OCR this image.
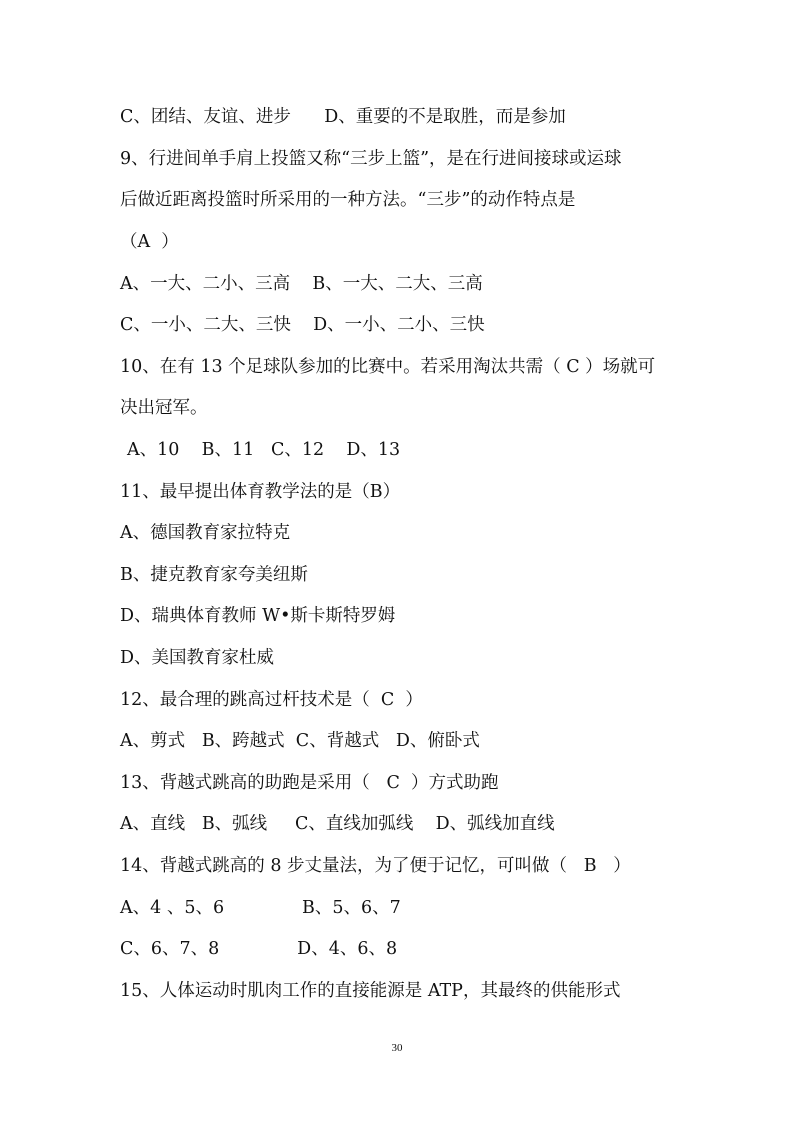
C、团结、友谊、进步      D、重要的不是取胜，而是参加
9、行进间单手肩上投篮又称“三步上篮”，是在行进间接球或运球
后做近距离投篮时所采用的一种方法。“三步”的动作特点是
（A  ）
A、一大、二小、三高    B、一大、二大、三高
C、一小、二大、三快    D、一小、二小、三快
10、在有 13 个足球队参加的比赛中。若采用淘汰共需（ C ）场就可
决出冠军。
A、10    B、11   C、12    D、13
11、最早提出体育教学法的是（B）
A、德国教育家拉特克
B、捷克教育家夸美纽斯
D、瑞典体育教师 W•斯卡斯特罗姆
D、美国教育家杜威
12、最合理的跳高过杆技术是（  C  ）
A、剪式   B、跨越式  C、背越式   D、俯卧式
13、背越式跳高的助跑是采用（   C  ）方式助跑
A、直线   B、弧线     C、直线加弧线    D、弧线加直线
14、背越式跳高的 8 步丈量法，为了便于记忆，可叫做（   B   ）
A、4 、5、6              B、5、6、7
C、6、7、8              D、4、6、8
15、人体运动时肌肉工作的直接能源是 ATP，其最终的供能形式
30
